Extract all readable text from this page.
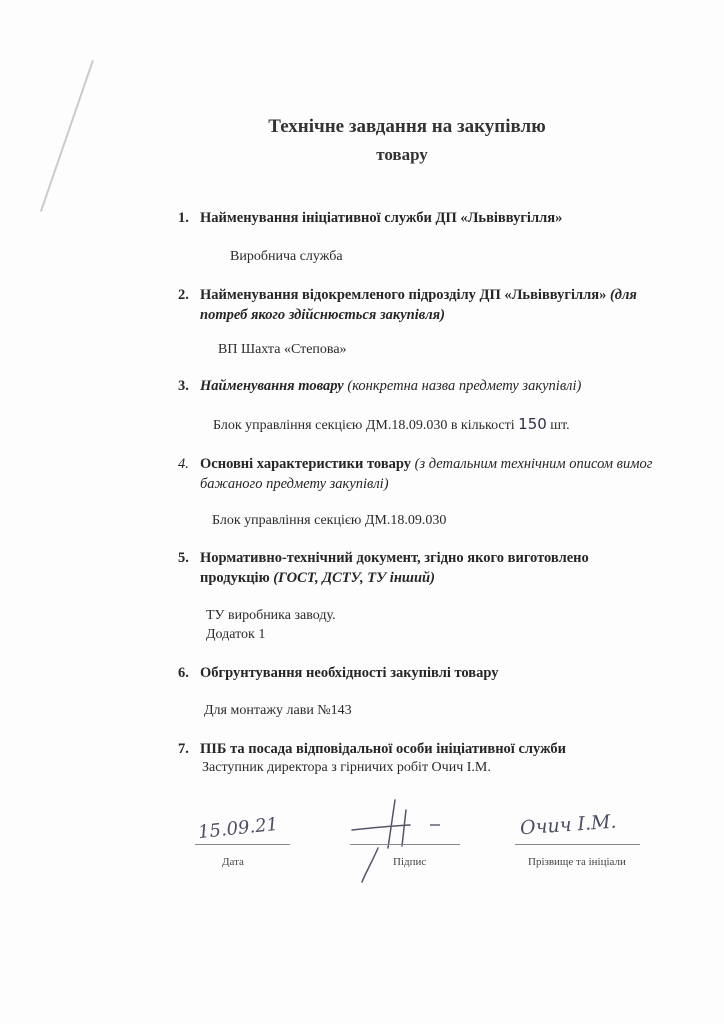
Технічне завдання на закупівлю
товару
1. Найменування ініціативної служби ДП «Львіввугілля»
Виробнича служба
2. Найменування відокремленого підрозділу ДП «Львіввугілля» (для потреб якого здійснюється закупівля)
ВП Шахта «Степова»
3. Найменування товару (конкретна назва предмету закупівлі)
Блок управління секцією ДМ.18.09.030 в кількості 150 шт.
4. Основні характеристики товару (з детальним технічним описом вимог бажаного предмету закупівлі)
Блок управління секцією ДМ.18.09.030
5. Нормативно-технічний документ, згідно якого виготовлено продукцію (ГОСТ, ДСТУ, ТУ інший)
ТУ виробника заводу.
Додаток 1
6. Обгрунтування необхідності закупівлі товару
Для монтажу лави №143
7. ПІБ та посада відповідальної особи ініціативної служби
Заступник директора з гірничих робіт Очич І.М.
15.09.21
Дата	Підпис
Очич І.М.
Прізвище та ініціали
